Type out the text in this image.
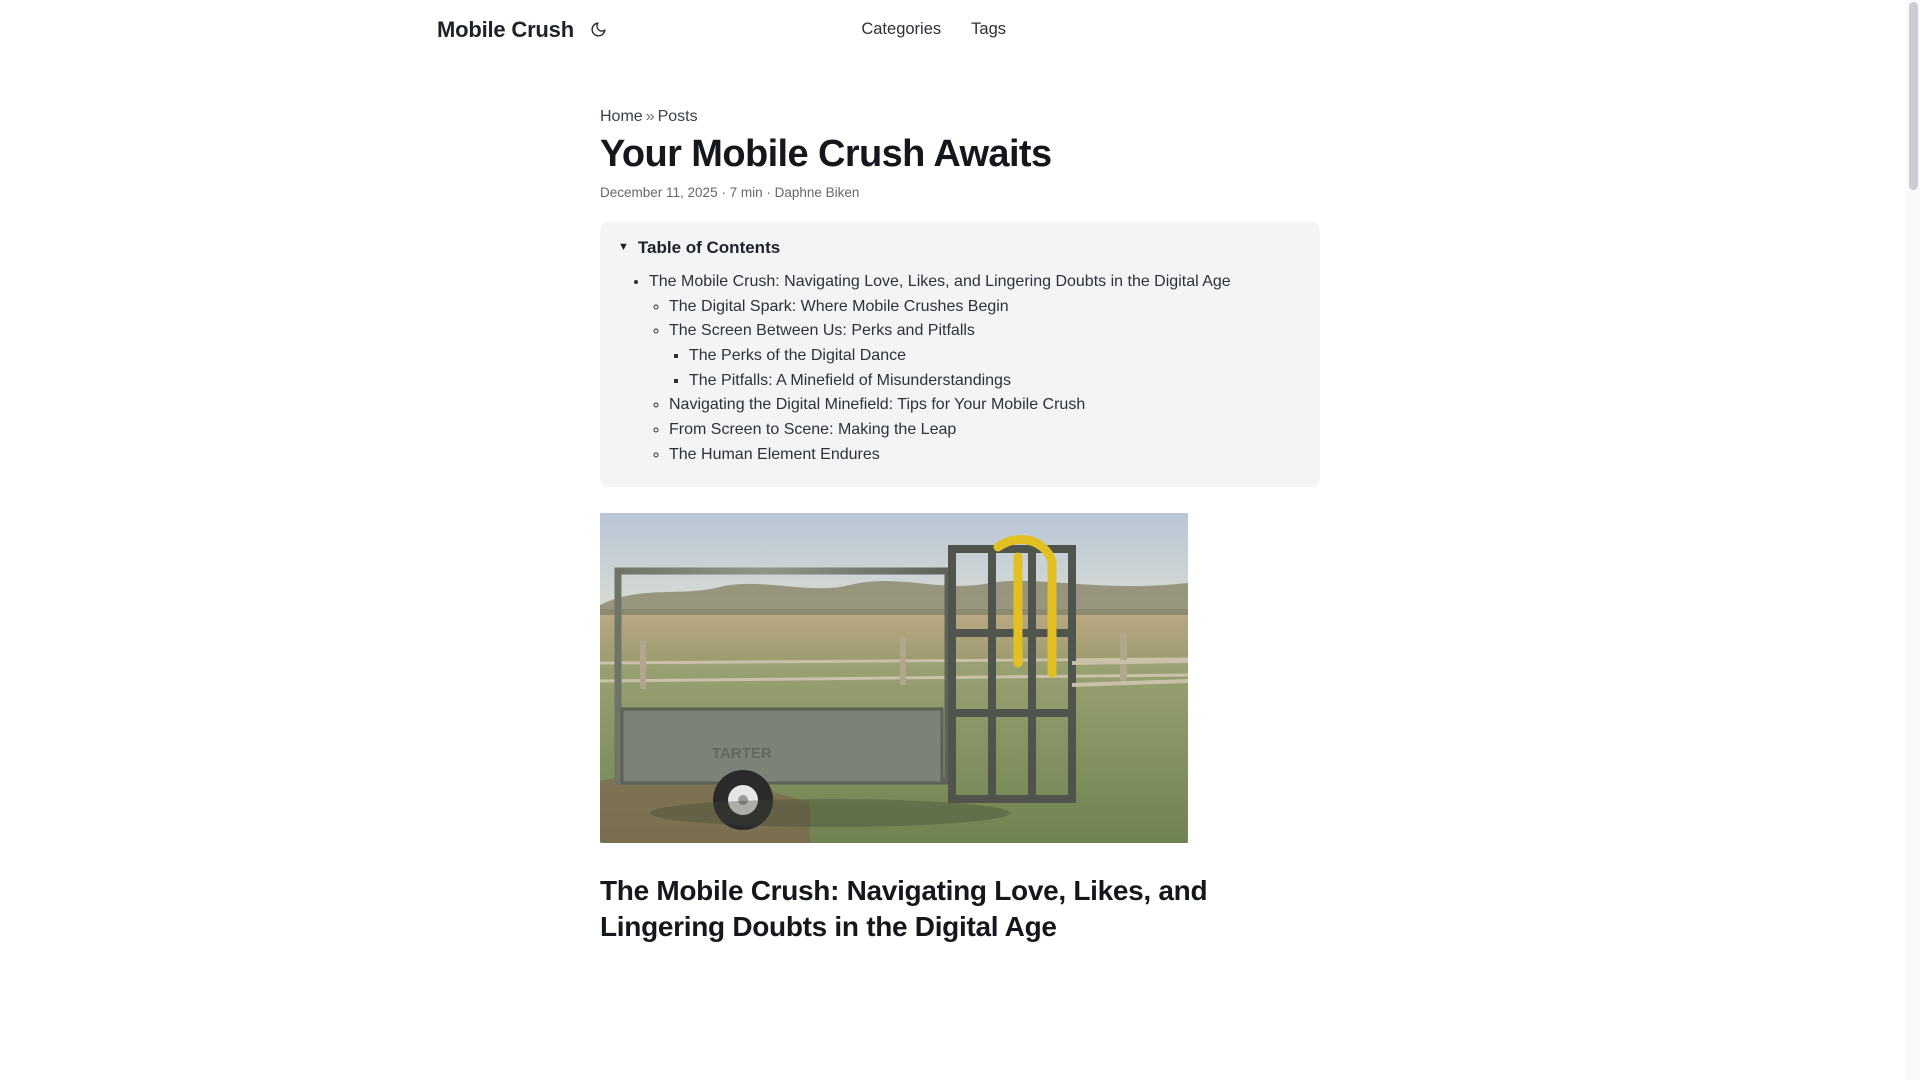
Mobile Crush	Categories Tags
Home » Posts
Your Mobile Crush Awaits
December 11, 2025 · 7 min · Daphne Biken
▼ Table of Contents
• The Mobile Crush: Navigating Love, Likes, and Lingering Doubts in the Digital Age
◦ The Digital Spark: Where Mobile Crushes Begin
◦ The Screen Between Us: Perks and Pitfalls
▪ The Perks of the Digital Dance
▪ The Pitfalls: A Minefield of Misunderstandings
◦ Navigating the Digital Minefield: Tips for Your Mobile Crush
◦ From Screen to Scene: Making the Leap
◦ The Human Element Endures
TARTER
The Mobile Crush: Navigating Love, Likes, and Lingering Doubts in the Digital Age
